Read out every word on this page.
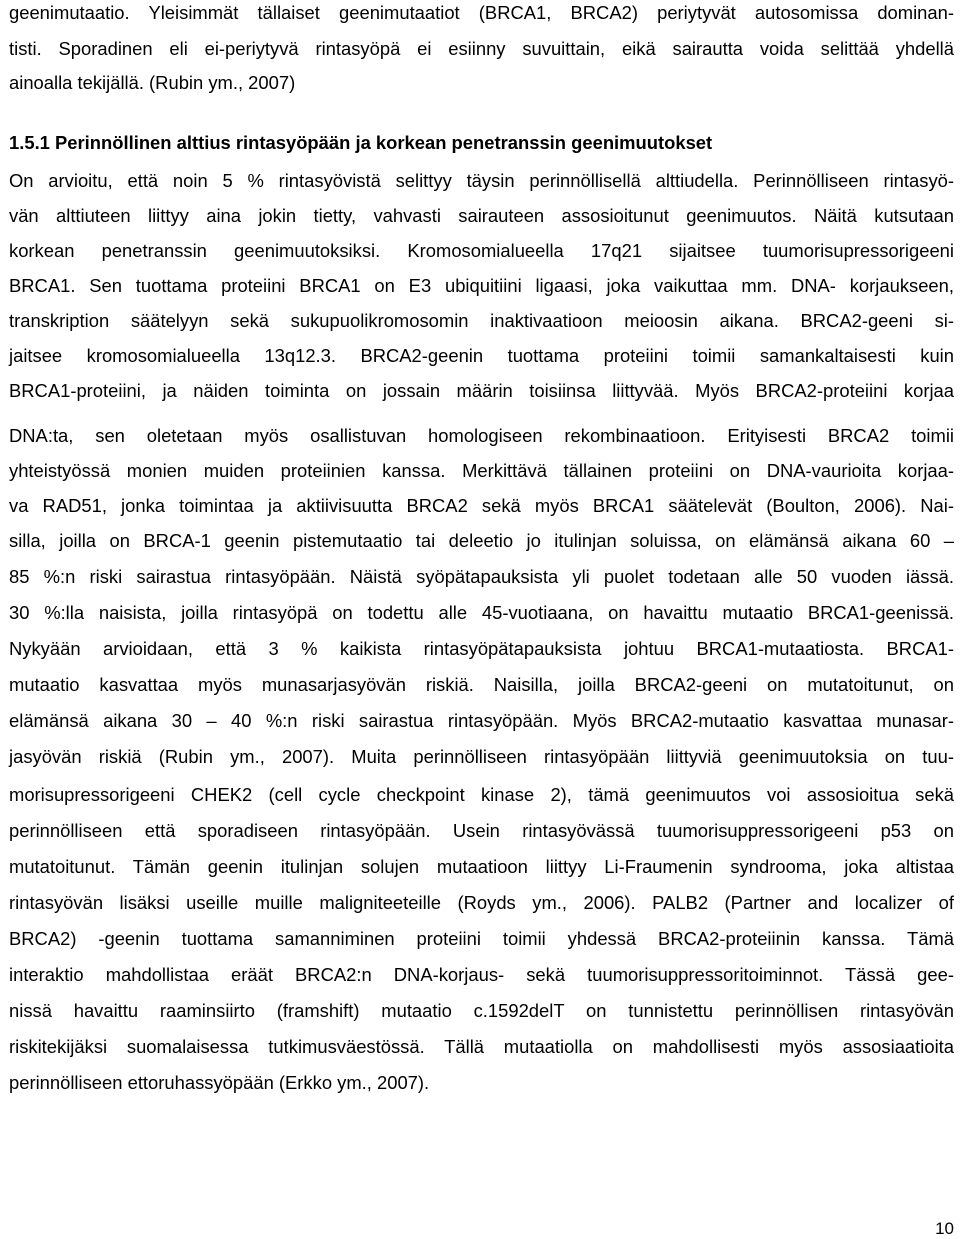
geenimutaatio. Yleisimmät tällaiset geenimutaatiot (BRCA1, BRCA2) periytyvät autosomissa dominan-
tisti. Sporadinen eli ei-periytyvä rintasyöpä ei esiinny suvuittain, eikä sairautta voida selittää yhdellä
ainoalla tekijällä. (Rubin ym., 2007)
1.5.1 Perinnöllinen alttius rintasyöpään ja korkean penetranssin geenimuutokset
On arvioitu, että noin 5 % rintasyövistä selittyy täysin perinnöllisellä alttiudella. Perinnölliseen rintasyö-
vän alttiuteen liittyy aina jokin tietty, vahvasti sairauteen assosioitunut geenimuutos. Näitä kutsutaan
korkean penetranssin geenimuutoksiksi. Kromosomialueella 17q21 sijaitsee tuumorisupressorigeeni
BRCA1. Sen tuottama proteiini BRCA1 on E3 ubiquitiini ligaasi, joka vaikuttaa mm. DNA- korjaukseen,
transkription säätelyyn sekä sukupuolikromosomin inaktivaatioon meioosin aikana. BRCA2-geeni si-
jaitsee kromosomialueella 13q12.3. BRCA2-geenin tuottama proteiini toimii samankaltaisesti kuin
BRCA1-proteiini, ja näiden toiminta on jossain määrin toisiinsa liittyvää. Myös BRCA2-proteiini korjaa
DNA:ta, sen oletetaan myös osallistuvan homologiseen rekombinaatioon. Erityisesti BRCA2 toimii
yhteistyössä monien muiden proteiinien kanssa. Merkittävä tällainen proteiini on DNA-vaurioita korjaa-
va RAD51, jonka toimintaa ja aktiivisuutta BRCA2 sekä myös BRCA1 säätelevät (Boulton, 2006). Nai-
silla, joilla on BRCA-1 geenin pistemutaatio tai deleetio jo itulinjan soluissa, on elämänsä aikana 60 –
85 %:n riski sairastua rintasyöpään. Näistä syöpätapauksista yli puolet todetaan alle 50 vuoden iässä.
30 %:lla naisista, joilla rintasyöpä on todettu alle 45-vuotiaana, on havaittu mutaatio BRCA1-geenissä.
Nykyään arvioidaan, että 3 % kaikista rintasyöpätapauksista johtuu BRCA1-mutaatiosta. BRCA1-
mutaatio kasvattaa myös munasarjasyövän riskiä. Naisilla, joilla BRCA2-geeni on mutatoitunut, on
elämänsä aikana 30 – 40 %:n riski sairastua rintasyöpään. Myös BRCA2-mutaatio kasvattaa munasar-
jasyövän riskiä (Rubin ym., 2007). Muita perinnölliseen rintasyöpään liittyviä geenimuutoksia on tuu-
morisupressorigeeni CHEK2 (cell cycle checkpoint kinase 2), tämä geenimuutos voi assosioitua sekä
perinnölliseen että sporadiseen rintasyöpään. Usein rintasyövässä tuumorisuppressorigeeni p53 on
mutatoitunut. Tämän geenin itulinjan solujen mutaatioon liittyy Li-Fraumenin syndrooma, joka altistaa
rintasyövän lisäksi useille muille maligniteeteille (Royds ym., 2006). PALB2 (Partner and localizer of
BRCA2) -geenin tuottama samanniminen proteiini toimii yhdessä BRCA2-proteiinin kanssa. Tämä
interaktio mahdollistaa eräät BRCA2:n DNA-korjaus- sekä tuumorisuppressoritoiminnot. Tässä gee-
nissä havaittu raaminsiirto (framshift) mutaatio c.1592delT on tunnistettu perinnöllisen rintasyövän
riskitekijäksi suomalaisessa tutkimusväestössä. Tällä mutaatiolla on mahdollisesti myös assosiaatioita
perinnölliseen ettoruhassyöpään (Erkko ym., 2007).
10
